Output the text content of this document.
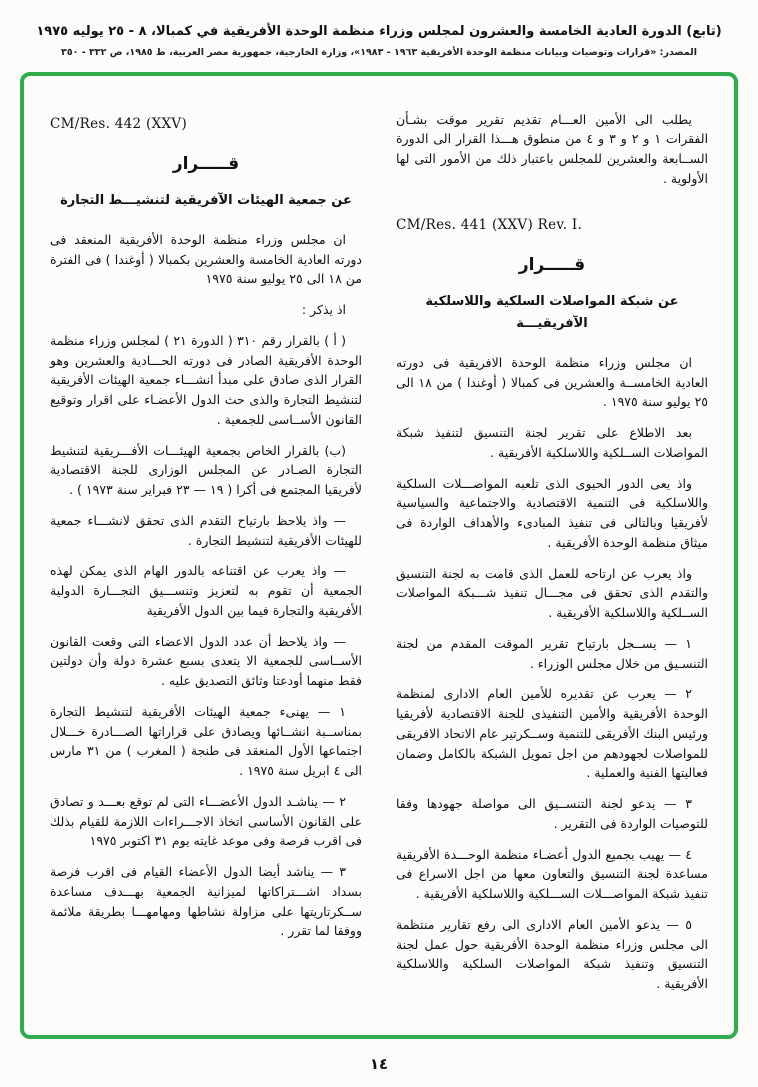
(تابع) الدورة العادية الخامسة والعشرون لمجلس وزراء منظمة الوحدة الأفريقية في كمبالا، ٨ - ٢٥ يوليه ١٩٧٥
المصدر: «قرارات وتوصيات وبيانات منظمة الوحدة الأفريقية ١٩٦٣ - ١٩٨٣»، وزارة الخارجية، جمهورية مصر العربية، ط ١٩٨٥، ص ٣٣٢ - ٣٥٠
يطلب الى الأمين العـــام تقديم تقرير موقت بشـأن الفقرات ١ و ٢ و ٣ و ٤ من منطوق هـــذا القرار الى الدورة الســابعة والعشرين للمجلس باعتبار ذلك من الأمور التى لها الأولوية .
CM/Res. 441 (XXV) Rev. I.
قـــــرار
عن شبكة المواصلات السلكية واللاسلكية الآفريقيـــة
ان مجلس وزراء منظمة الوحدة الافريقية فى دورته العادية الخامســة والعشرين فى كمبالا ( أوغندا ) من ١٨ الى ٢٥ يوليو سنة ١٩٧٥ .
بعد الاطلاع على تقرير لجنة التنسيق لتنفيذ شبكة المواصلات الســلكية واللاسلكية الأفريقية .
واذ يعى الدور الحيوى الذى تلعبه المواصـــلات السلكية واللاسلكية فى التنمية الاقتصادية والاجتماعية والسياسية لأفريقيا وبالتالى فى تنفيذ المبادىء والأهداف الواردة فى ميثاق منظمة الوحدة الأفريقية .
واذ يعرب عن ارتاحه للعمل الذى قامت به لجنة التنسيق والتقدم الذى تحقق فى مجـــال تنفيذ شـــبكة المواصلات الســلكية واللاسلكية الأفريقية .
١ — يســجل بارتياح تقرير الموقت المقدم من لجنة التنسـيق من خلال مجلس الوزراء .
٢ — يعرب عن تقديره للأمين العام الادارى لمنظمة الوحدة الأفريقية والأمين التنفيذى للجنة الاقتصادية لأفريقيا ورئيس البنك الأفريقى للتنمية وســكرتير عام الاتحاد الافريقى للمواصلات لجهودهم من اجل تمويل الشبكة بالكامل وضمان فعاليتها الفنية والعملية .
٣ — يدعو لجنة التنســيق الى مواصلة جهودها وفقا للتوصيات الواردة فى التقرير .
٤ — يهيب بجميع الدول أعضـاء منظمة الوحـــدة الأفريقية مساعدة لجنة التنسيق والتعاون معها من اجل الاسراع فى تنفيذ شبكة المواصـــلات الســـلكية واللاسلكية الأفريقية .
٥ — يدعو الأمين العام الادارى الى رفع تقارير منتظمة الى مجلس وزراء منظمة الوحدة الأفريقية حول عمل لجنة التنسيق وتنفيذ شبكة المواصلات السلكية واللاسلكية الأفريقية .
CM/Res. 442 (XXV)
قـــــرار
عن جمعية الهيئات الآفريقية لتنشيـــط التجارة
ان مجلس وزراء منظمة الوحدة الأفريقية المنعقد فى دورته العادية الخامسة والعشرين بكمبالا ( أوغندا ) فى الفترة من ١٨ الى ٢٥ يوليو سنة ١٩٧٥
اذ يذكر :
( أ ) بالقرار رقم ٣١٠ ( الدورة ٢١ ) لمجلس وزراء منظمة الوحدة الأفريقية الصادر فى دورته الحـــادية والعشرين وهو القرار الذى صادق على مبدأ انشـــاء جمعية الهيئات الأفريقية لتنشيط التجارة والذى حث الدول الأعضـاء على اقرار وتوقيع القانون الأســاسى للجمعية .
(ب) بالقرار الخاص بجمعية الهيئـــات الأفـــريقية لتنشيط التجارة الصـادر عن المجلس الوزارى للجنة الاقتصادية لأفريقيا المجتمع فى أكرا ( ١٩ — ٢٣ فبراير سنة ١٩٧٣ ) .
— واذ يلاحظ بارتياح التقدم الذى تحقق لانشـــاء جمعية للهيئات الأفريقية لتنشيط التجارة .
— واذ يعرب عن اقتناعه بالدور الهام الذى يمكن لهذه الجمعية أن تقوم به لتعزيز وتنســـيق التجـــارة الدولية الأفريقية والتجارة فيما بين الدول الأفريقية
— واذ يلاحظ أن عدد الدول الاعضاء التى وقعت القانون الأســاسى للجمعية الا يتعدى بسبع عشرة دولة وأن دولتين فقط منهما أودعتا وثائق التصديق عليه .
١ — يهنىء جمعية الهيئات الأفريقية لتنشيط التجارة بمناســبة انشــائها ويصادق على قراراتها الصـــادرة خـــلال اجتماعها الأول المنعقد فى طنجة ( المغرب ) من ٣١ مارس الى ٤ ابريل سنة ١٩٧٥ .
٢ — يناشـد الدول الأعضـــاء التى لم توقع بعـــد و تصادق على القانون الأساسى اتخاذ الاجـــراءات اللازمة للقيام بذلك فى اقرب فرصة وفى موعد غايته يوم ٣١ اكتوبر ١٩٧٥
٣ — يناشد أيضا الدول الأعضاء القيام فى اقرب فرصة بسداد اشـــتراكاتها لميزانية الجمعية بهـــدف مساعدة ســكرتاريتها على مزاولة نشاطها ومهامهـــا بطريقة ملائمة ووفقا لما تقرر .
١٤
